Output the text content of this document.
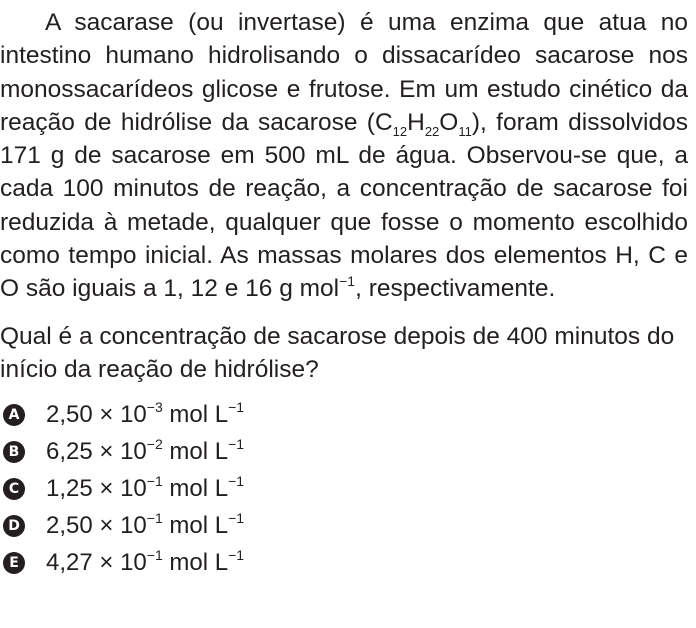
A sacarase (ou invertase) é uma enzima que atua no intestino humano hidrolisando o dissacarídeo sacarose nos monossacarídeos glicose e frutose. Em um estudo cinético da reação de hidrólise da sacarose $(C_{12}H_{22}O_{11})$, foram dissolvidos 171 g de sacarose em 500 mL de água. Observou-se que, a cada 100 minutos de reação, a concentração de sacarose foi reduzida à metade, qualquer que fosse o momento escolhido como tempo inicial. As massas molares dos elementos H, C e O são iguais a 1, 12 e 16 g mol$^{-1}$, respectivamente.

Qual é a concentração de sacarose depois de 400 minutos do início da reação de hidrólise?

A $2,50 \times 10^{-3}$ mol $L^{-1}$
B $6,25 \times 10^{-2}$ mol $L^{-1}$
C $1,25 \times 10^{-1}$ mol $L^{-1}$
D $2,50 \times 10^{-1}$ mol $L^{-1}$
E $4,27 \times 10^{-1}$ mol $L^{-1}$
